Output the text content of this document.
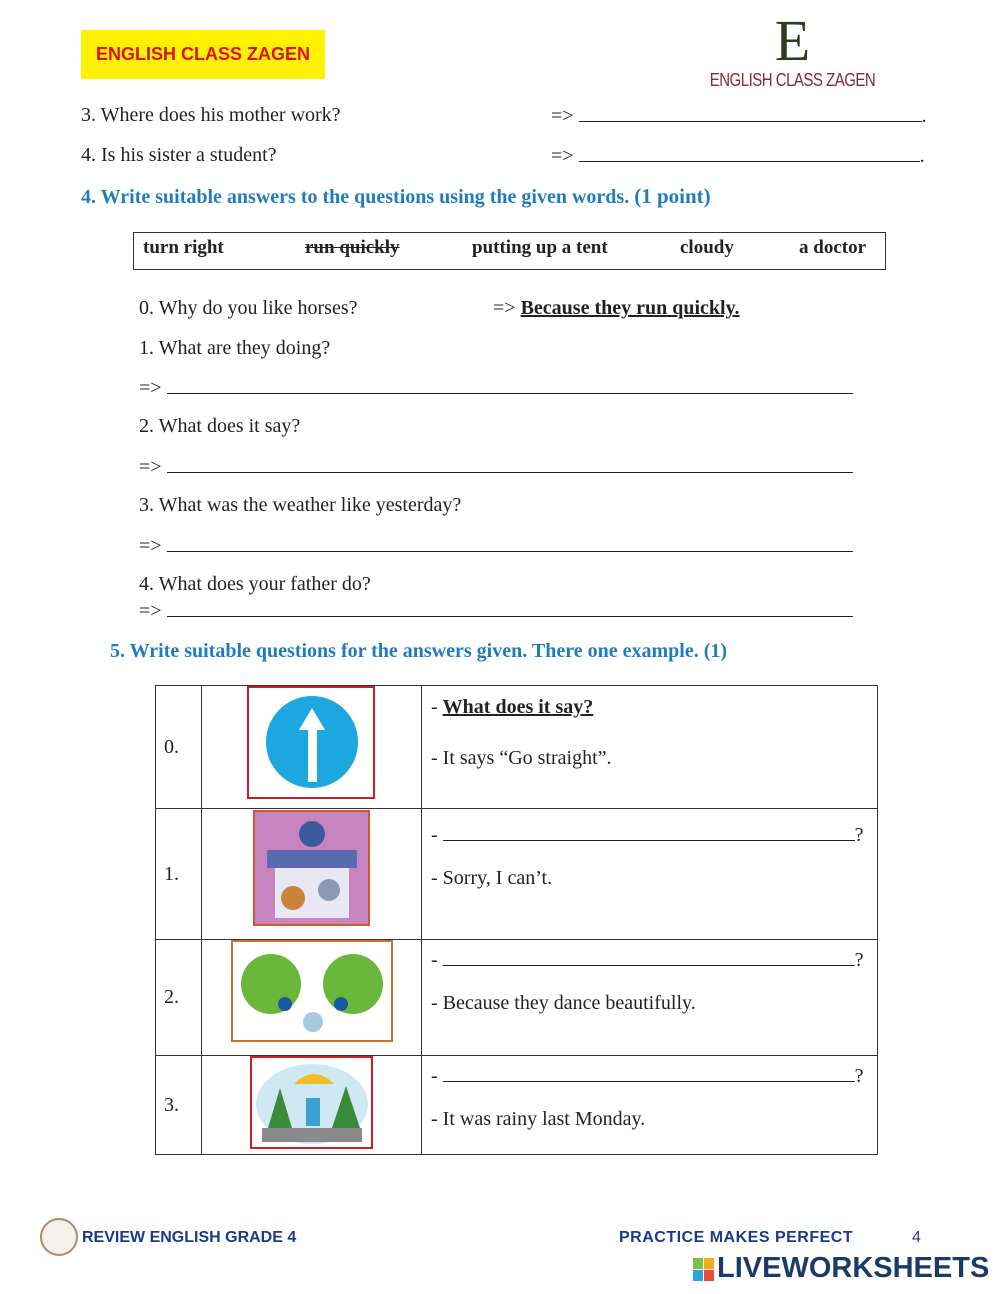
ENGLISH CLASS ZAGEN	E
ENGLISH CLASS ZAGEN
3. Where does his mother work?	=>	.
4. Is his sister a student?	=>	.
4. Write suitable answers to the questions using the given words. (1 point)
turn right	run quickly	putting up a tent	cloudy	a doctor
0. Why do you like horses?	=> Because they run quickly.
1. What are they doing?
=>
2. What does it say?
=>
3. What was the weather like yesterday?
=>
4. What does your father do?
=>
5. Write suitable questions for the answers given. There one example. (1)
0.		- What does it say?

- It says “Go straight”.

1.		- ?

- Sorry, I can’t.

2.		- ?

- Because they dance beautifully.

3.		- ?

- It was rainy last Monday.

REVIEW ENGLISH GRADE 4	PRACTICE MAKES PERFECT	4
LIVEWORKSHEETS
